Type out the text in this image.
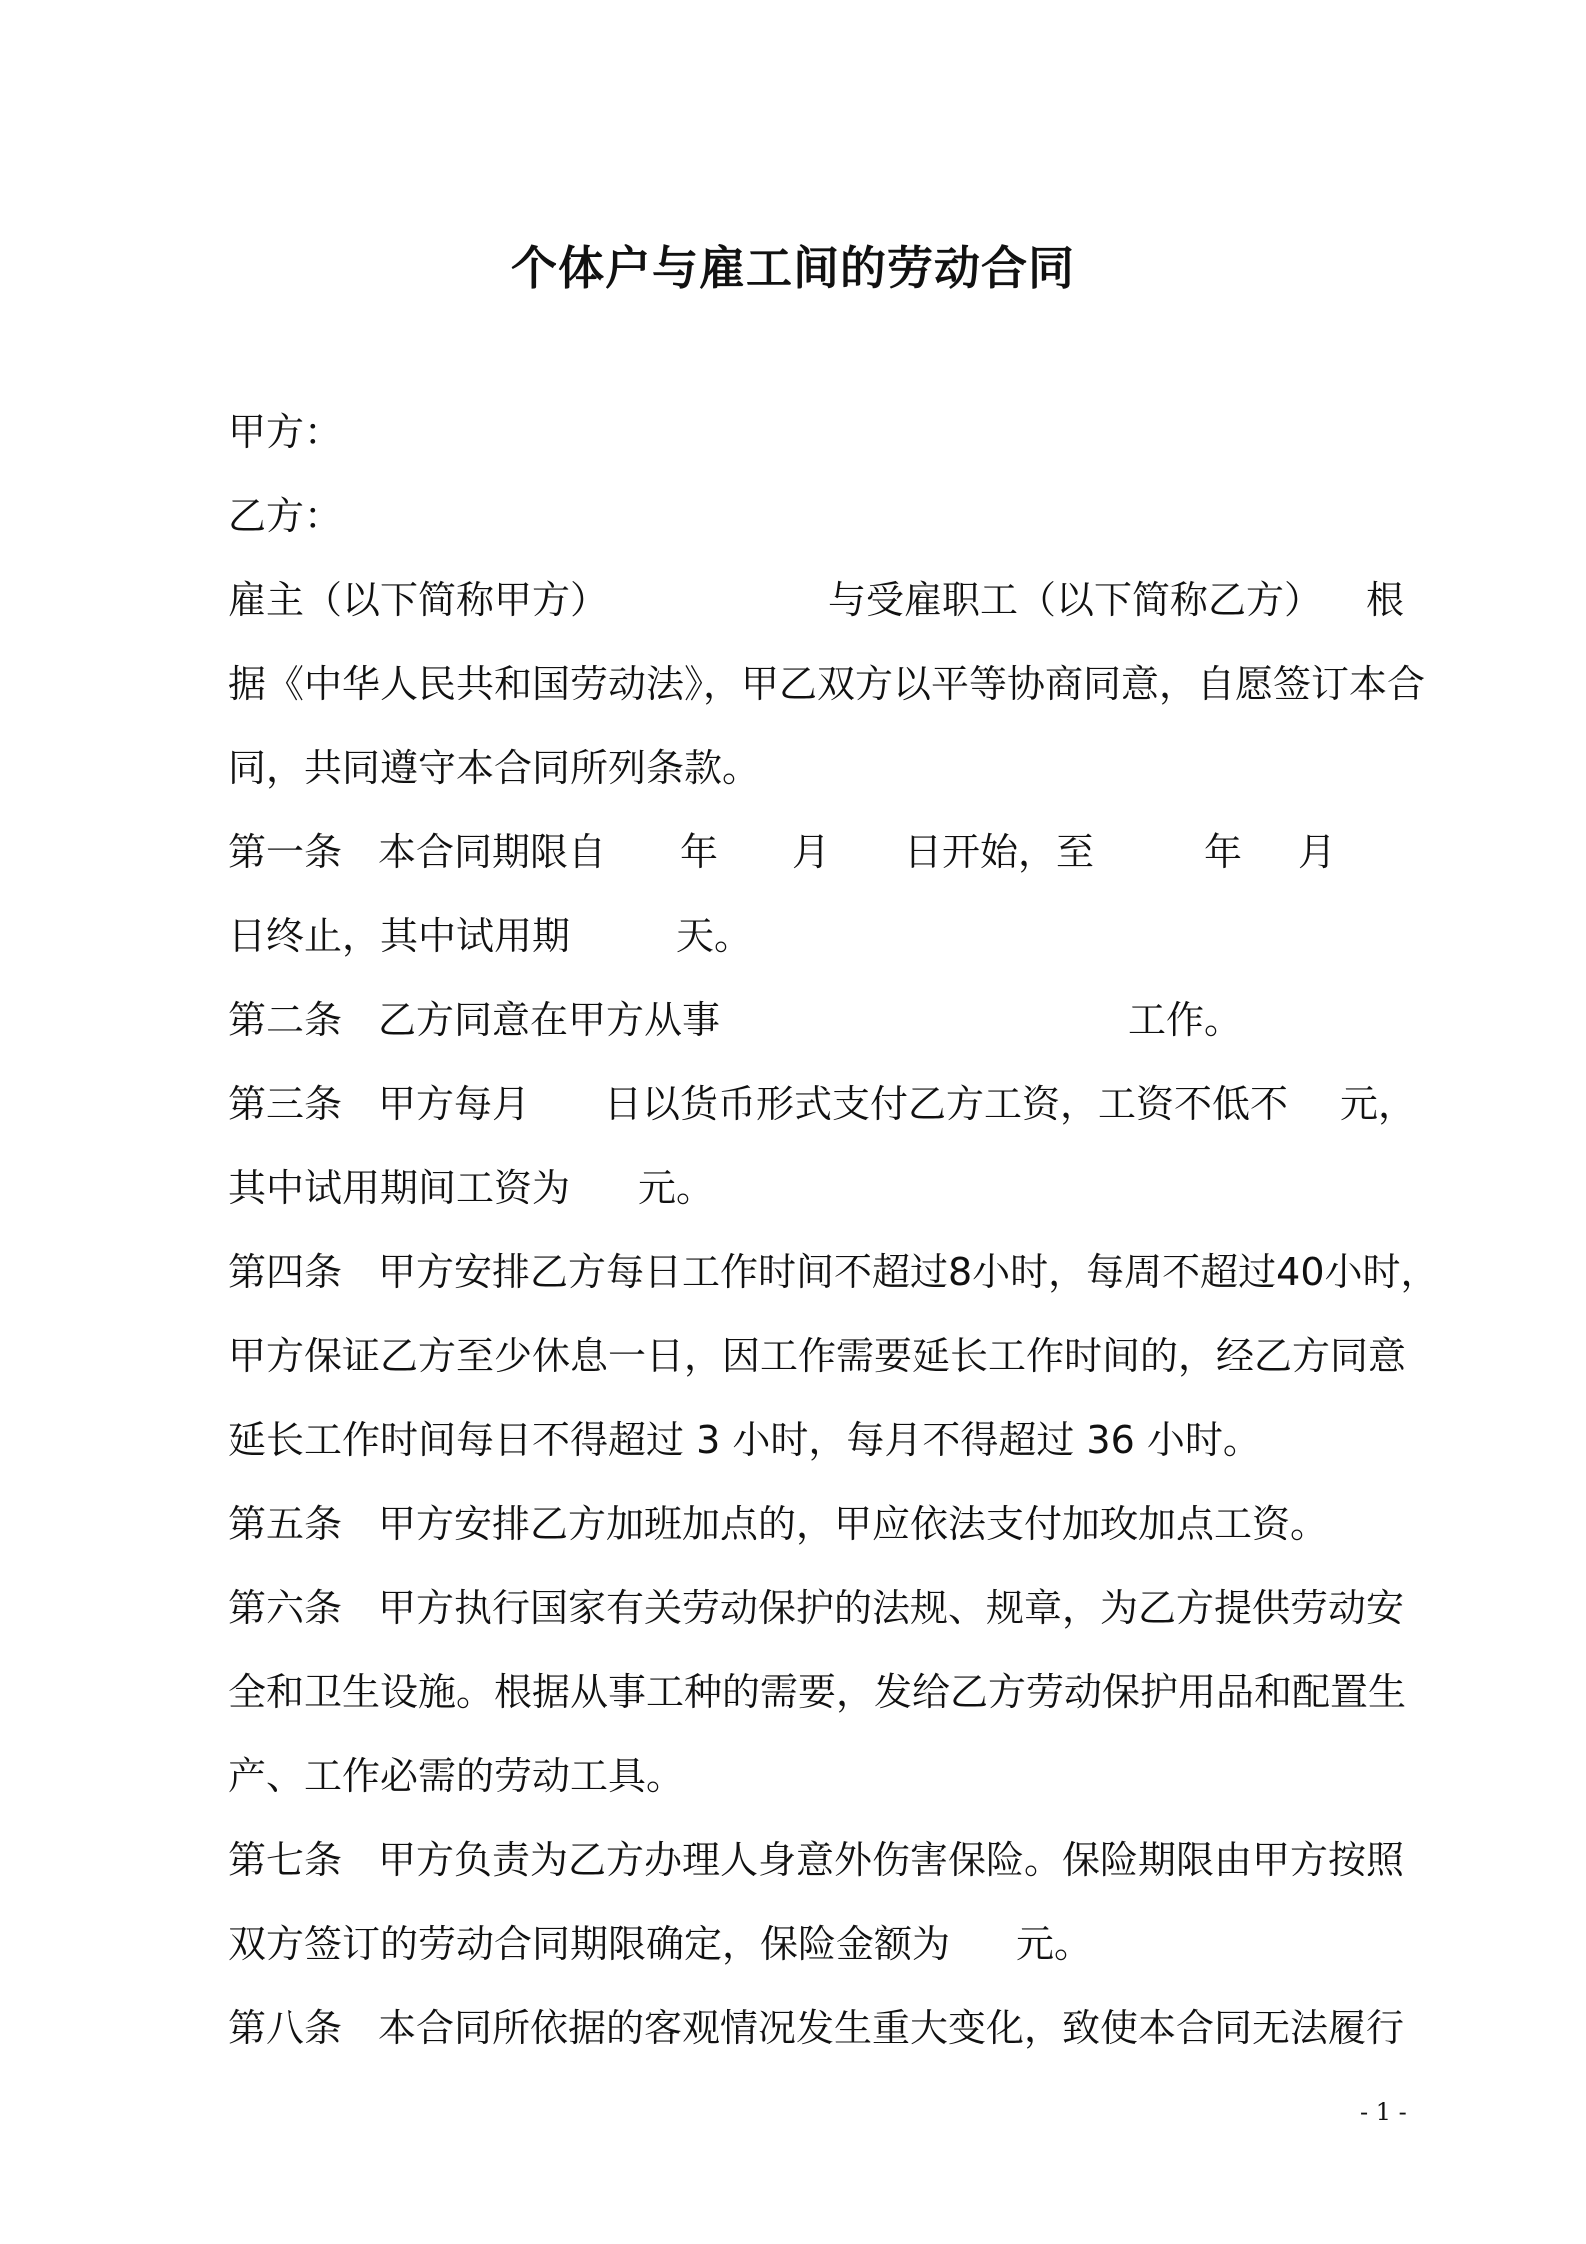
个体户与雇工间的劳动合同
甲方：
乙方：
雇主（以下简称甲方）	与受雇职工（以下简称乙方） 根
据《中华人民共和国劳动法》，甲乙双方以平等协商同意，自愿签订本合
同，共同遵守本合同所列条款。
第一条 本合同期限自 年 月 日开始，至	年 月
日终止，其中试用期	天。
第二条 乙方同意在甲方从事	工作。
第三条 甲方每月 日以货币形式支付乙方工资，工资不低不 元，
其中试用期间工资为 元。
第四条 甲方安排乙方每日工作时间不超过8小时，每周不超过40小时，
甲方保证乙方至少休息一日，因工作需要延长工作时间的，经乙方同意
延长工作时间每日不得超过 3 小时，每月不得超过 36 小时。
第五条 甲方安排乙方加班加点的，甲应依法支付加玫加点工资。
第六条 甲方执行国家有关劳动保护的法规、规章，为乙方提供劳动安
全和卫生设施。根据从事工种的需要，发给乙方劳动保护用品和配置生
产、工作必需的劳动工具。
第七条 甲方负责为乙方办理人身意外伤害保险。保险期限由甲方按照
双方签订的劳动合同期限确定，保险金额为 元。
第八条 本合同所依据的客观情况发生重大变化，致使本合同无法履行
- 1 -
